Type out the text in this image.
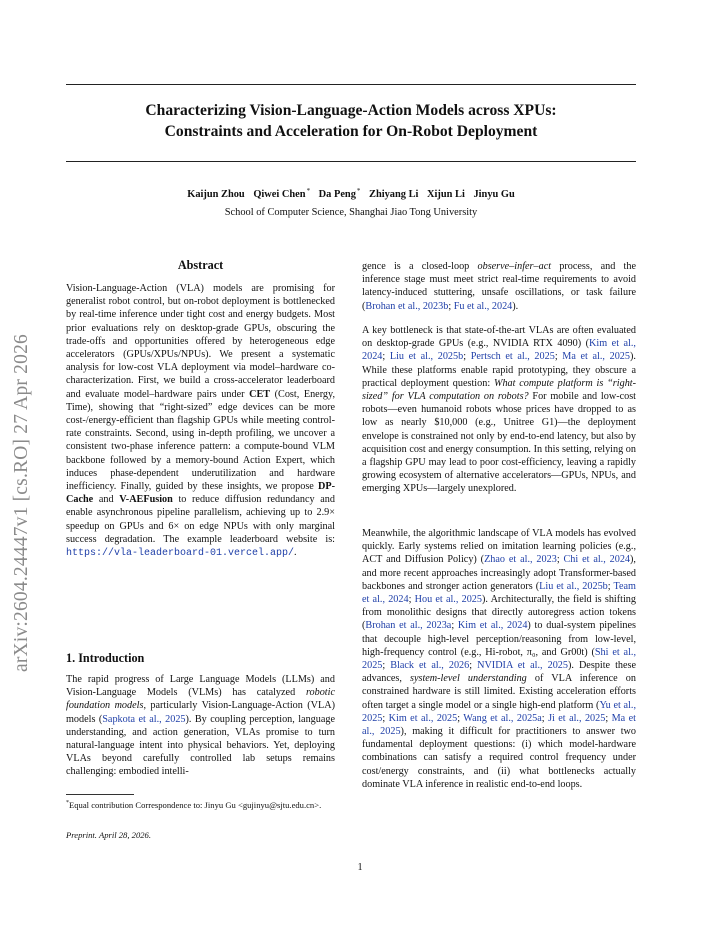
arXiv:2604.24447v1 [cs.RO] 27 Apr 2026
Characterizing Vision-Language-Action Models across XPUs:
Constraints and Acceleration for On-Robot Deployment
Kaijun Zhou Qiwei Chen* Da Peng* Zhiyang Li Xijun Li Jinyu Gu
School of Computer Science, Shanghai Jiao Tong University
Abstract

Vision-Language-Action (VLA) models are promising for generalist robot control, but on-robot deployment is bottlenecked by real-time inference under tight cost and energy budgets. Most prior evaluations rely on desktop-grade GPUs, obscuring the trade-offs and opportunities offered by heterogeneous edge accelerators (GPUs/XPUs/NPUs). We present a systematic analysis for low-cost VLA deployment via model–hardware co-characterization. First, we build a cross-accelerator leaderboard and evaluate model–hardware pairs under CET (Cost, Energy, Time), showing that “right-sized” edge devices can be more cost-/energy-efficient than flagship GPUs while meeting control-rate constraints. Second, using in-depth profiling, we uncover a consistent two-phase inference pattern: a compute-bound VLM backbone followed by a memory-bound Action Expert, which induces phase-dependent underutilization and hardware inefficiency. Finally, guided by these insights, we propose DP-Cache and V-AEFusion to reduce diffusion redundancy and enable asynchronous pipeline parallelism, achieving up to 2.9× speedup on GPUs and 6× on edge NPUs with only marginal success degradation. The example leaderboard website is: https://vla-leaderboard-01.vercel.app/.

1. Introduction

The rapid progress of Large Language Models (LLMs) and Vision-Language Models (VLMs) has catalyzed robotic foundation models, particularly Vision-Language-Action (VLA) models (Sapkota et al., 2025). By coupling perception, language understanding, and action generation, VLAs promise to turn natural-language intent into physical behaviors. Yet, deploying VLAs beyond carefully controlled lab setups remains challenging: embodied intelli-

*Equal contribution Correspondence to: Jinyu Gu <gujinyu@sjtu.edu.cn>.
Preprint. April 28, 2026.

gence is a closed-loop observe–infer–act process, and the inference stage must meet strict real-time requirements to avoid latency-induced stuttering, unsafe oscillations, or task failure (Brohan et al., 2023b; Fu et al., 2024).

A key bottleneck is that state-of-the-art VLAs are often evaluated on desktop-grade GPUs (e.g., NVIDIA RTX 4090) (Kim et al., 2024; Liu et al., 2025b; Pertsch et al., 2025; Ma et al., 2025). While these platforms enable rapid prototyping, they obscure a practical deployment question: What compute platform is “right-sized” for VLA computation on robots? For mobile and low-cost robots—even humanoid robots whose prices have dropped to as low as nearly $10,000 (e.g., Unitree G1)—the deployment envelope is constrained not only by end-to-end latency, but also by acquisition cost and energy consumption. In this setting, relying on a flagship GPU may lead to poor cost-efficiency, leaving a rapidly growing ecosystem of alternative accelerators—GPUs, NPUs, and emerging XPUs—largely unexplored.

Meanwhile, the algorithmic landscape of VLA models has evolved quickly. Early systems relied on imitation learning policies (e.g., ACT and Diffusion Policy) (Zhao et al., 2023; Chi et al., 2024), and more recent approaches increasingly adopt Transformer-based backbones and stronger action generators (Liu et al., 2025b; Team et al., 2024; Hou et al., 2025). Architecturally, the field is shifting from monolithic designs that directly autoregress action tokens (Brohan et al., 2023a; Kim et al., 2024) to dual-system pipelines that decouple high-level perception/reasoning from low-level, high-frequency control (e.g., Hi-robot, π₀, and Gr00t) (Shi et al., 2025; Black et al., 2026; NVIDIA et al., 2025). Despite these advances, system-level understanding of VLA inference on constrained hardware is still limited. Existing acceleration efforts often target a single model or a single high-end platform (Yu et al., 2025; Kim et al., 2025; Wang et al., 2025a; Ji et al., 2025; Ma et al., 2025), making it difficult for practitioners to answer two fundamental deployment questions: (i) which model-hardware combinations can satisfy a required control frequency under cost/energy constraints, and (ii) what bottlenecks actually dominate VLA inference in realistic end-to-end loops.

1
